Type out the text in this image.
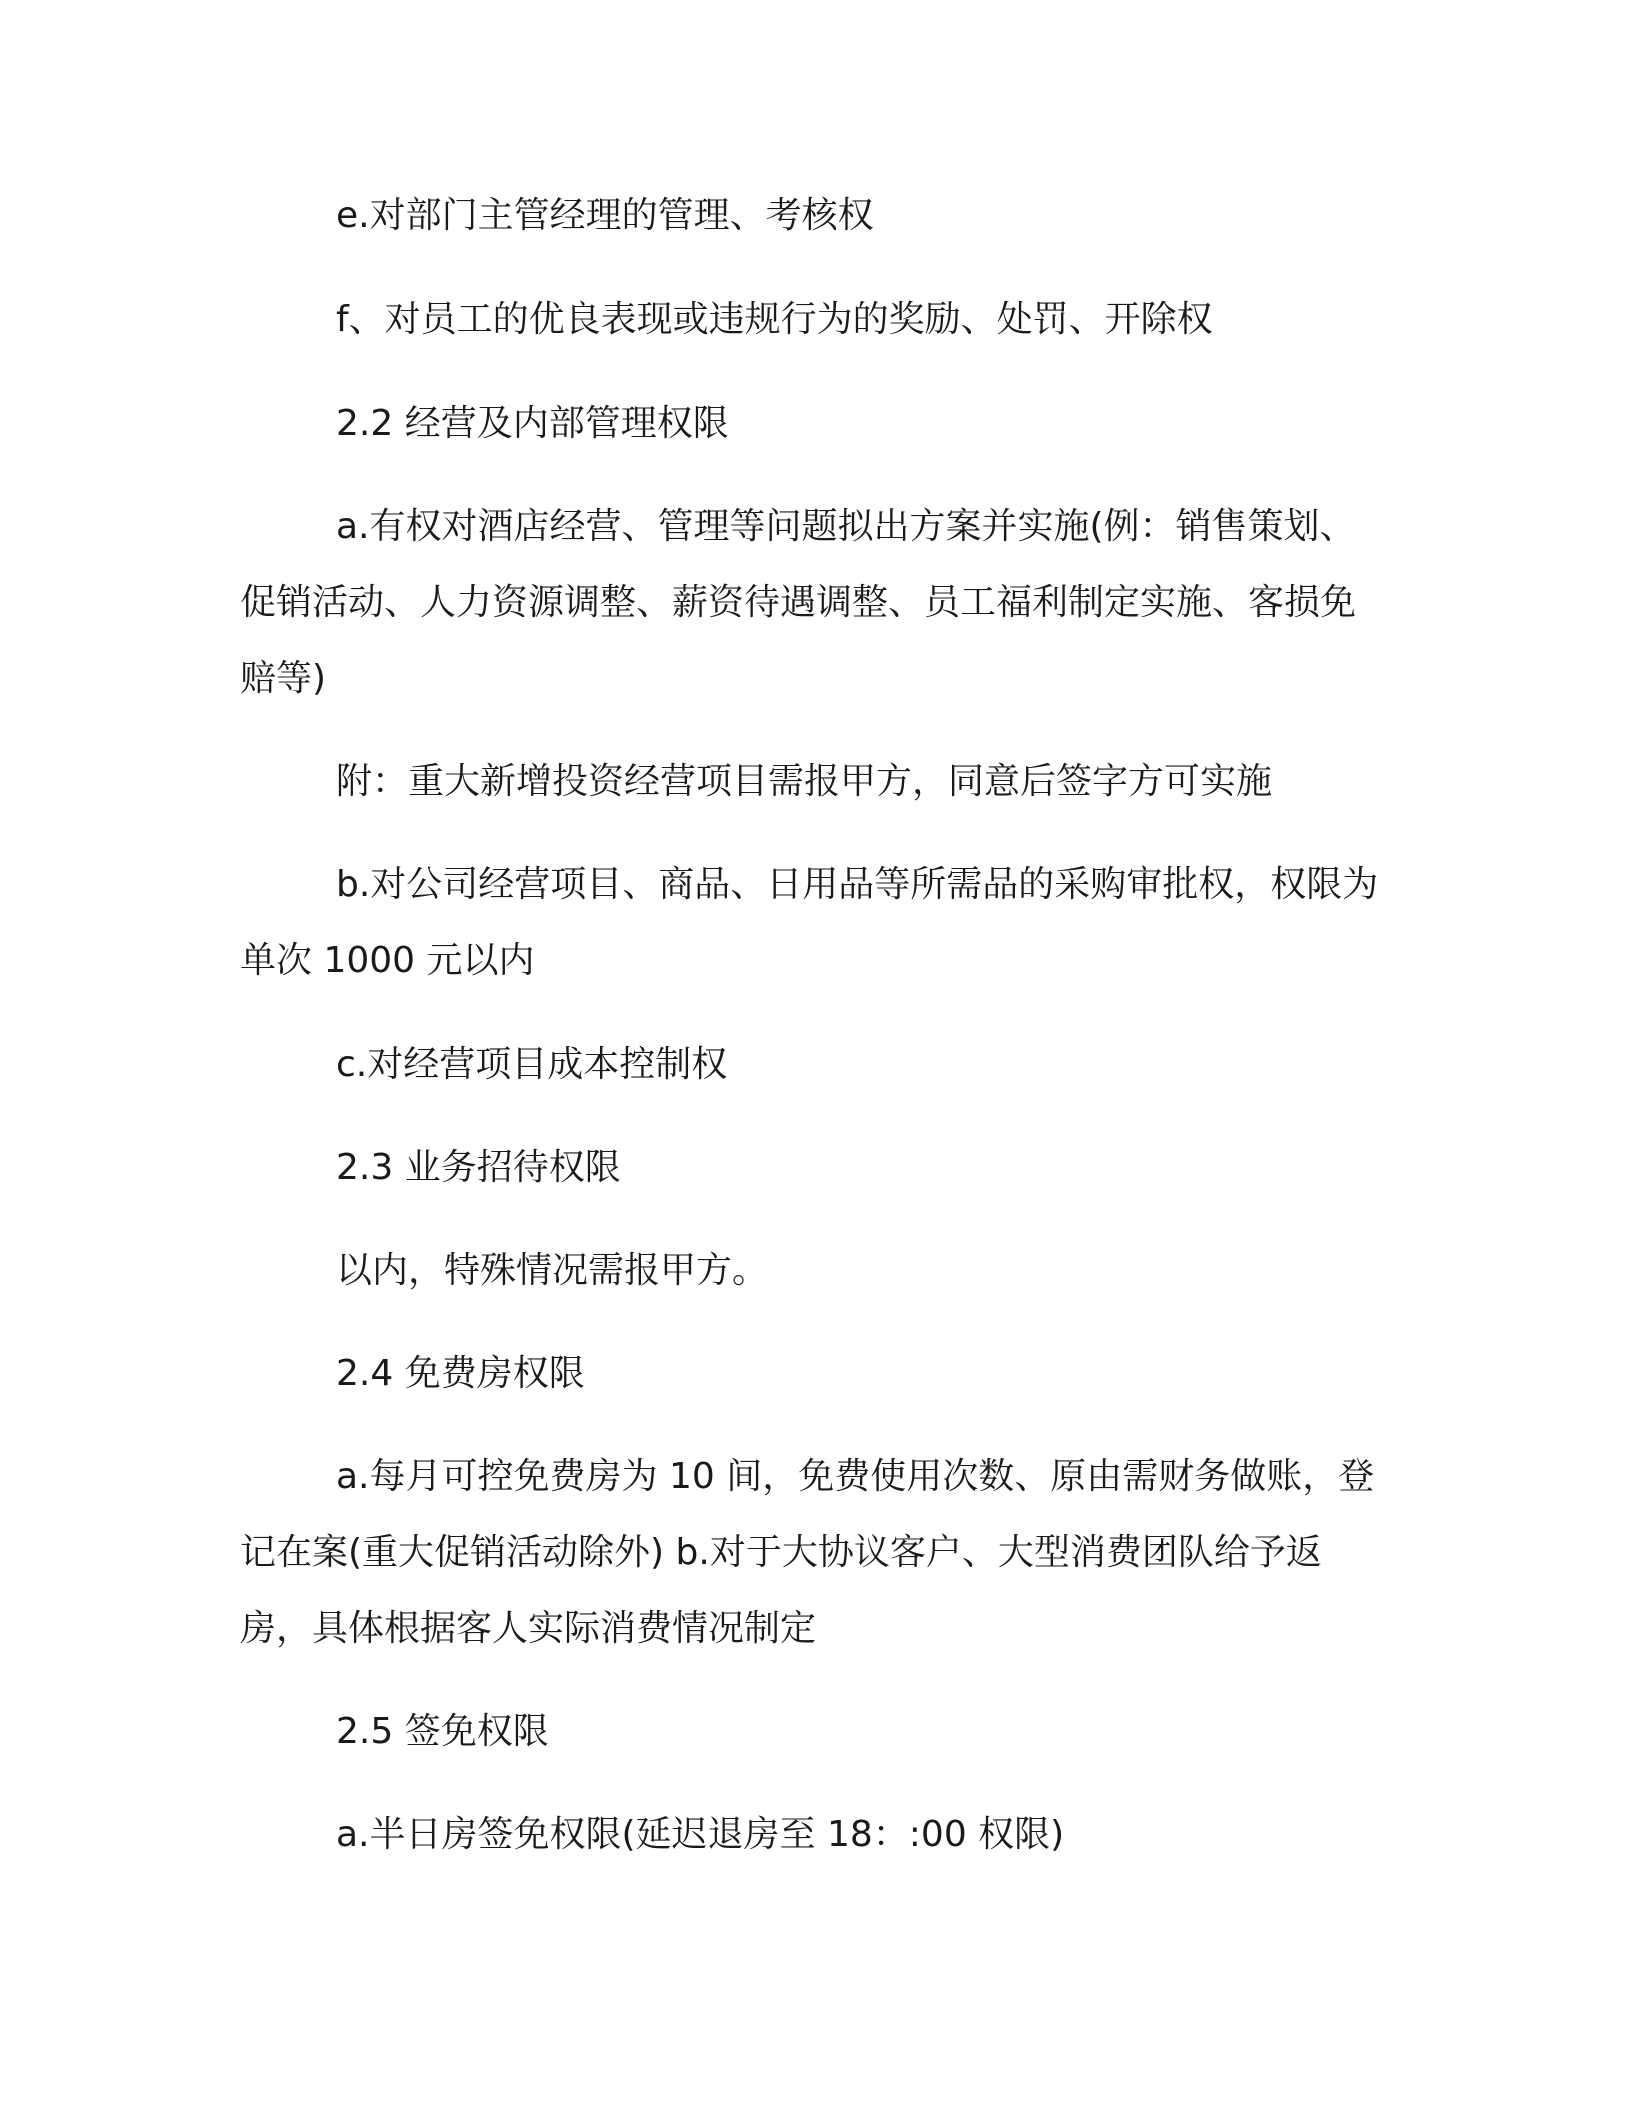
e.对部门主管经理的管理、考核权

f、对员工的优良表现或违规行为的奖励、处罚、开除权

2.2 经营及内部管理权限

a.有权对酒店经营、管理等问题拟出方案并实施(例：销售策划、促销活动、人力资源调整、薪资待遇调整、员工福利制定实施、客损免赔等)

附：重大新增投资经营项目需报甲方，同意后签字方可实施

b.对公司经营项目、商品、日用品等所需品的采购审批权，权限为单次 1000 元以内

c.对经营项目成本控制权

2.3 业务招待权限

以内，特殊情况需报甲方。

2.4 免费房权限

a.每月可控免费房为 10 间，免费使用次数、原由需财务做账，登记在案(重大促销活动除外) b.对于大协议客户、大型消费团队给予返房，具体根据客人实际消费情况制定

2.5 签免权限

a.半日房签免权限(延迟退房至 18：:00 权限)
